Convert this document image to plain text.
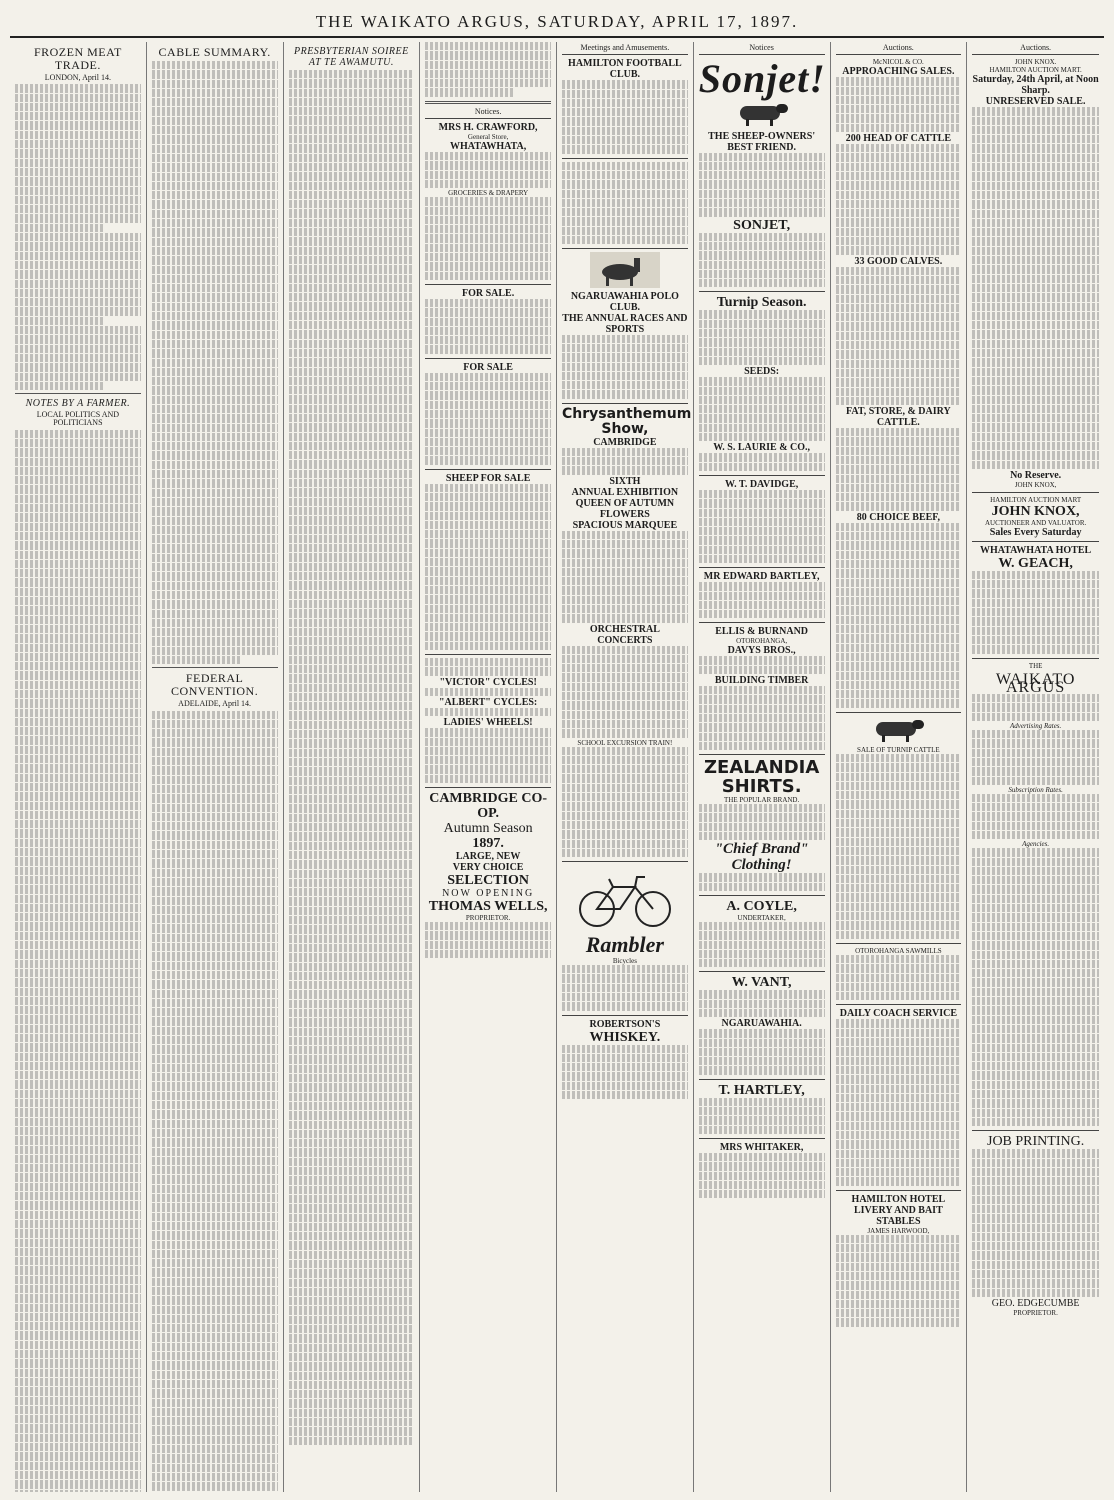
THE WAIKATO ARGUS, SATURDAY, APRIL 17, 1897.
FROZEN MEAT TRADE.
LONDON, April 14.
NOTES BY A FARMER.
LOCAL POLITICS AND POLITICIANS
CABLE SUMMARY.
FEDERAL CONVENTION.
ADELAIDE, April 14.
PRESBYTERIAN SOIREE AT TE AWAMUTU.
Notices.
MRS H. CRAWFORD,
General Store,
WHATAWHATA,
GROCERIES & DRAPERY
FOR SALE.
FOR SALE
SHEEP FOR SALE
"VICTOR" CYCLES!
"ALBERT" CYCLES:
LADIES' WHEELS!
CAMBRIDGE CO-OP.
Autumn Season
1897.
LARGE, NEW
VERY CHOICE
SELECTION
NOW OPENING
THOMAS WELLS,
PROPRIETOR.
Meetings and Amusements.
HAMILTON FOOTBALL CLUB.
NGARUAWAHIA POLO CLUB.
THE ANNUAL RACES AND SPORTS
Chrysanthemum Show,
CAMBRIDGE
SIXTH
ANNUAL EXHIBITION
QUEEN OF AUTUMN FLOWERS
SPACIOUS MARQUEE
ORCHESTRAL CONCERTS
SCHOOL EXCURSION TRAIN!
Rambler
Bicycles
ROBERTSON'S
WHISKEY.
Notices
Sonjet!
THE SHEEP-OWNERS' BEST FRIEND.
SONJET,
Turnip Season.
SEEDS:
W. S. LAURIE & CO.,
W. T. DAVIDGE,
MR EDWARD BARTLEY,
ELLIS & BURNAND
OTOROHANGA,
DAVYS BROS.,
BUILDING TIMBER
ZEALANDIA SHIRTS.
THE POPULAR BRAND.
"Chief Brand"
Clothing!
A. COYLE,
UNDERTAKER,
W. VANT,
NGARUAWAHIA.
T. HARTLEY,
MRS WHITAKER,
Auctions.
McNICOL & CO.
APPROACHING SALES.
200 HEAD OF CATTLE
33 GOOD CALVES.
FAT, STORE, & DAIRY CATTLE.
80 CHOICE BEEF,
SALE OF TURNIP CATTLE
OTOROHANGA SAWMILLS
DAILY COACH SERVICE
HAMILTON HOTEL
LIVERY AND BAIT STABLES
JAMES HARWOOD,
Auctions.
JOHN KNOX.
HAMILTON AUCTION MART.
Saturday, 24th April, at Noon Sharp.
UNRESERVED SALE.
No Reserve.
JOHN KNOX,
HAMILTON AUCTION MART
JOHN KNOX,
AUCTIONEER AND VALUATOR.
Sales Every Saturday
WHATAWHATA HOTEL
W. GEACH,
THE
WAIKATO ARGUS
Advertising Rates.
Subscription Rates.
Agencies.
JOB PRINTING.
GEO. EDGECUMBE
PROPRIETOR.
